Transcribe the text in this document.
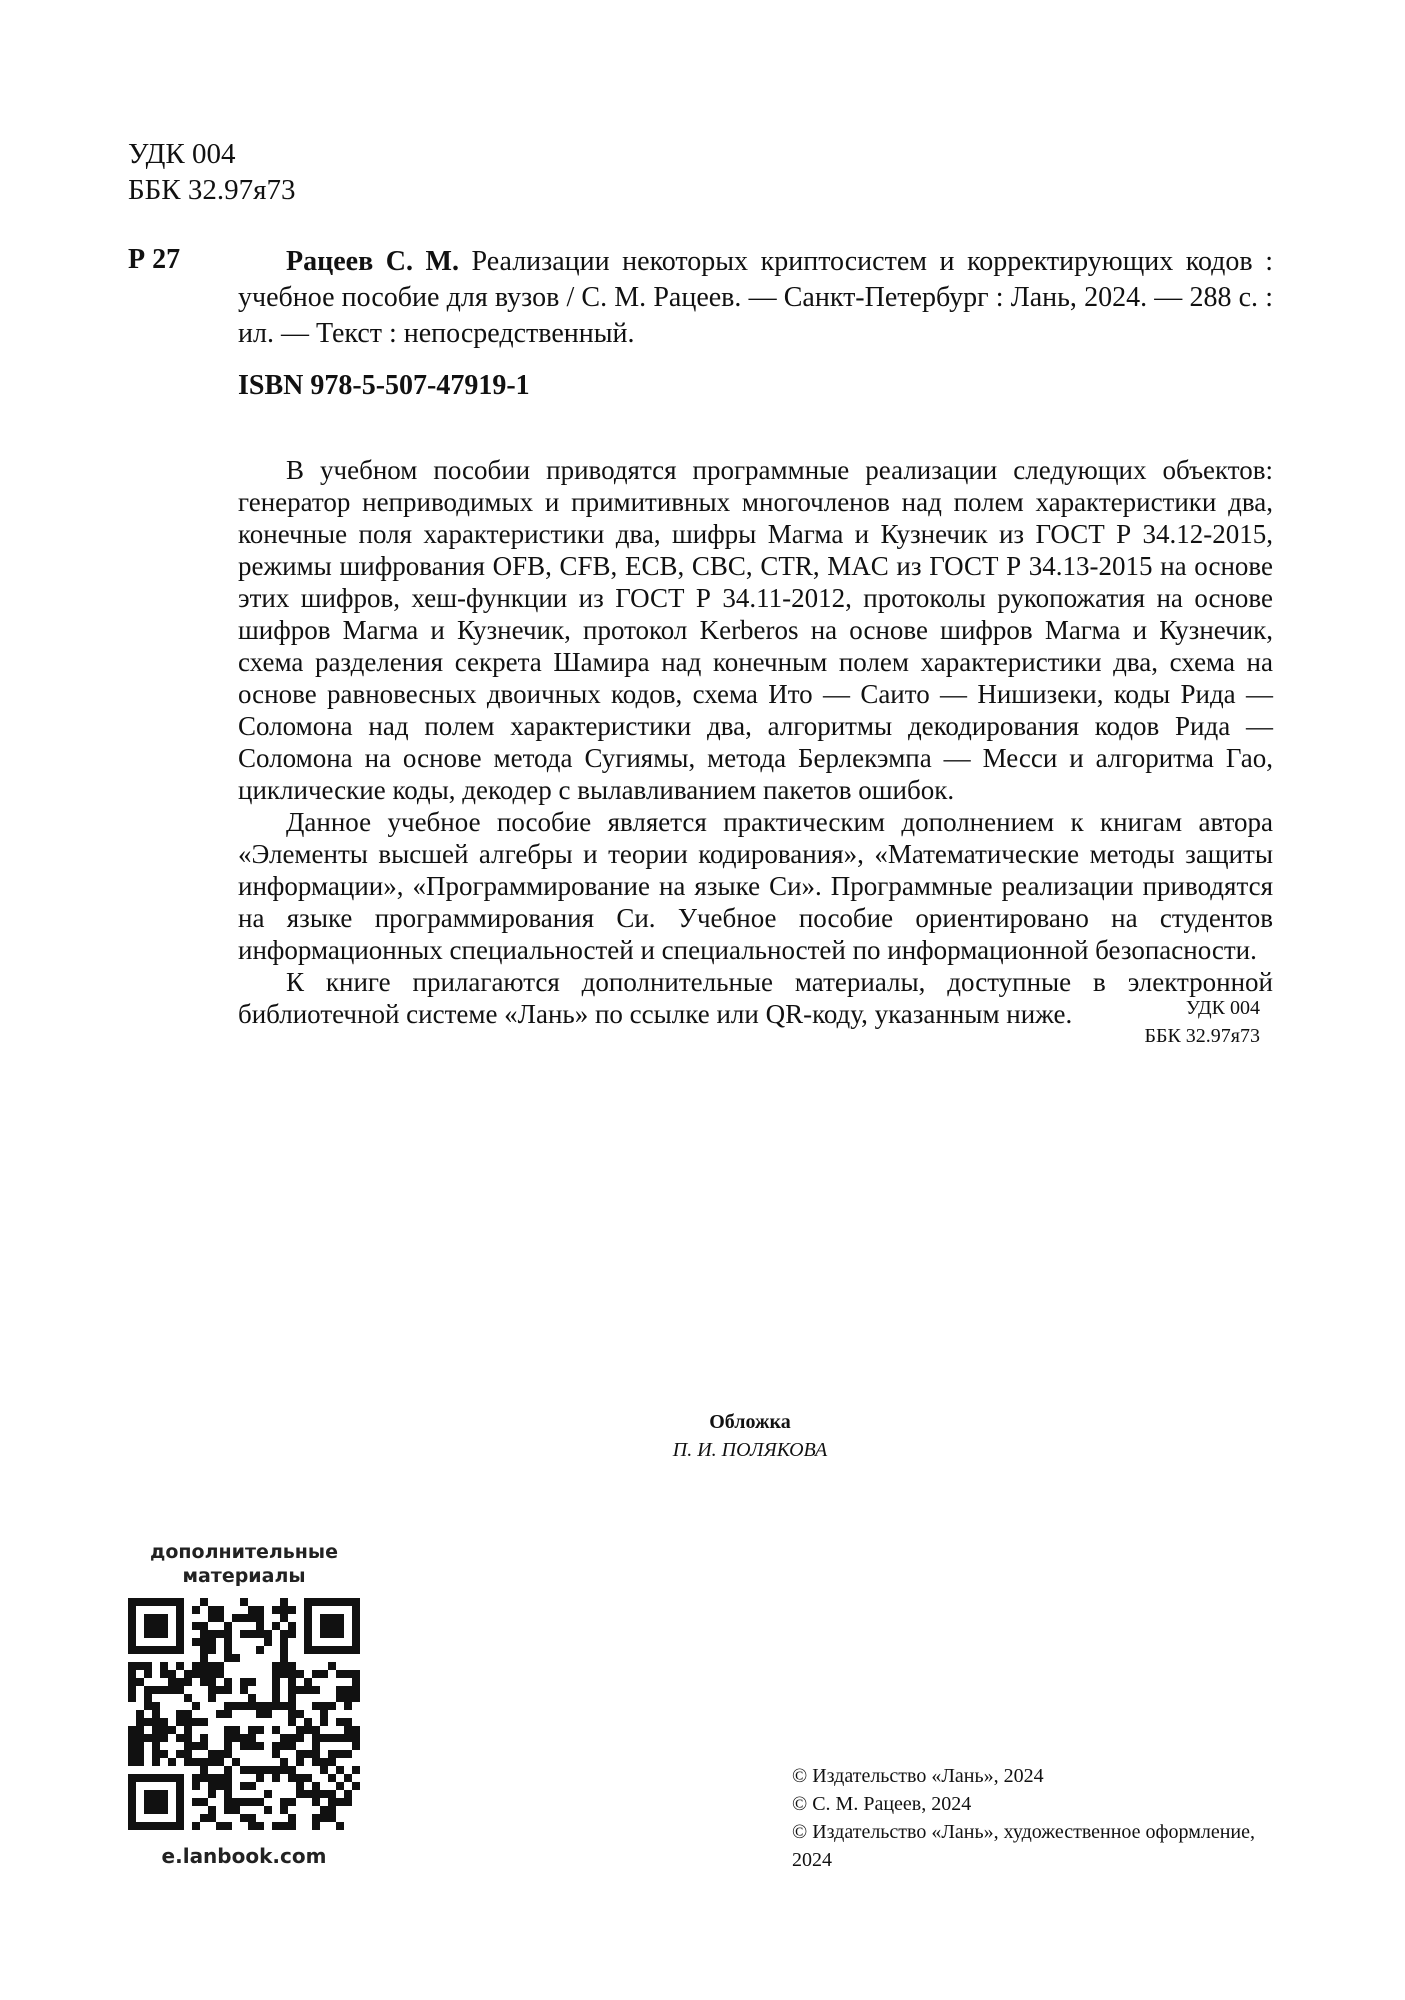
УДК 004
ББК 32.97я73
Р 27	Рацеев С. М. Реализации некоторых криптосистем и корректирующих кодов : учебное пособие для вузов / С. М. Рацеев. — Санкт-Петербург : Лань, 2024. — 288 с. : ил. — Текст : непосредственный.
ISBN 978-5-507-47919-1

В учебном пособии приводятся программные реализации следующих объектов: генератор неприводимых и примитивных многочленов над полем характеристики два, конечные поля характеристики два, шифры Магма и Кузнечик из ГОСТ Р 34.12-2015, режимы шифрования OFB, CFB, ECB, CBC, CTR, MAC из ГОСТ Р 34.13-2015 на основе этих шифров, хеш-функции из ГОСТ Р 34.11-2012, протоколы рукопожатия на основе шифров Магма и Кузнечик, протокол Kerberos на основе шифров Магма и Кузнечик, схема разделения секрета Шамира над конечным полем характеристики два, схема на основе равновесных двоичных кодов, схема Ито — Саито — Нишизеки, коды Рида — Соломона над полем характеристики два, алгоритмы декодирования кодов Рида — Соломона на основе метода Сугиямы, метода Берлекэмпа — Месси и алгоритма Гао, циклические коды, декодер с вылавливанием пакетов ошибок.

Данное учебное пособие является практическим дополнением к книгам автора «Элементы высшей алгебры и теории кодирования», «Математические методы защиты информации», «Программирование на языке Си». Программные реализации приводятся на языке программирования Си. Учебное пособие ориентировано на студентов информационных специальностей и специальностей по информационной безопасности.

К книге прилагаются дополнительные материалы, доступные в электронной библиотечной системе «Лань» по ссылке или QR-коду, указанным ниже.	УДК 004
ББК 32.97я73
Обложка
П. И. ПОЛЯКОВА
дополнительные материалы
e.lanbook.com
© Издательство «Лань», 2024
© С. М. Рацеев, 2024
© Издательство «Лань», художественное оформление, 2024
